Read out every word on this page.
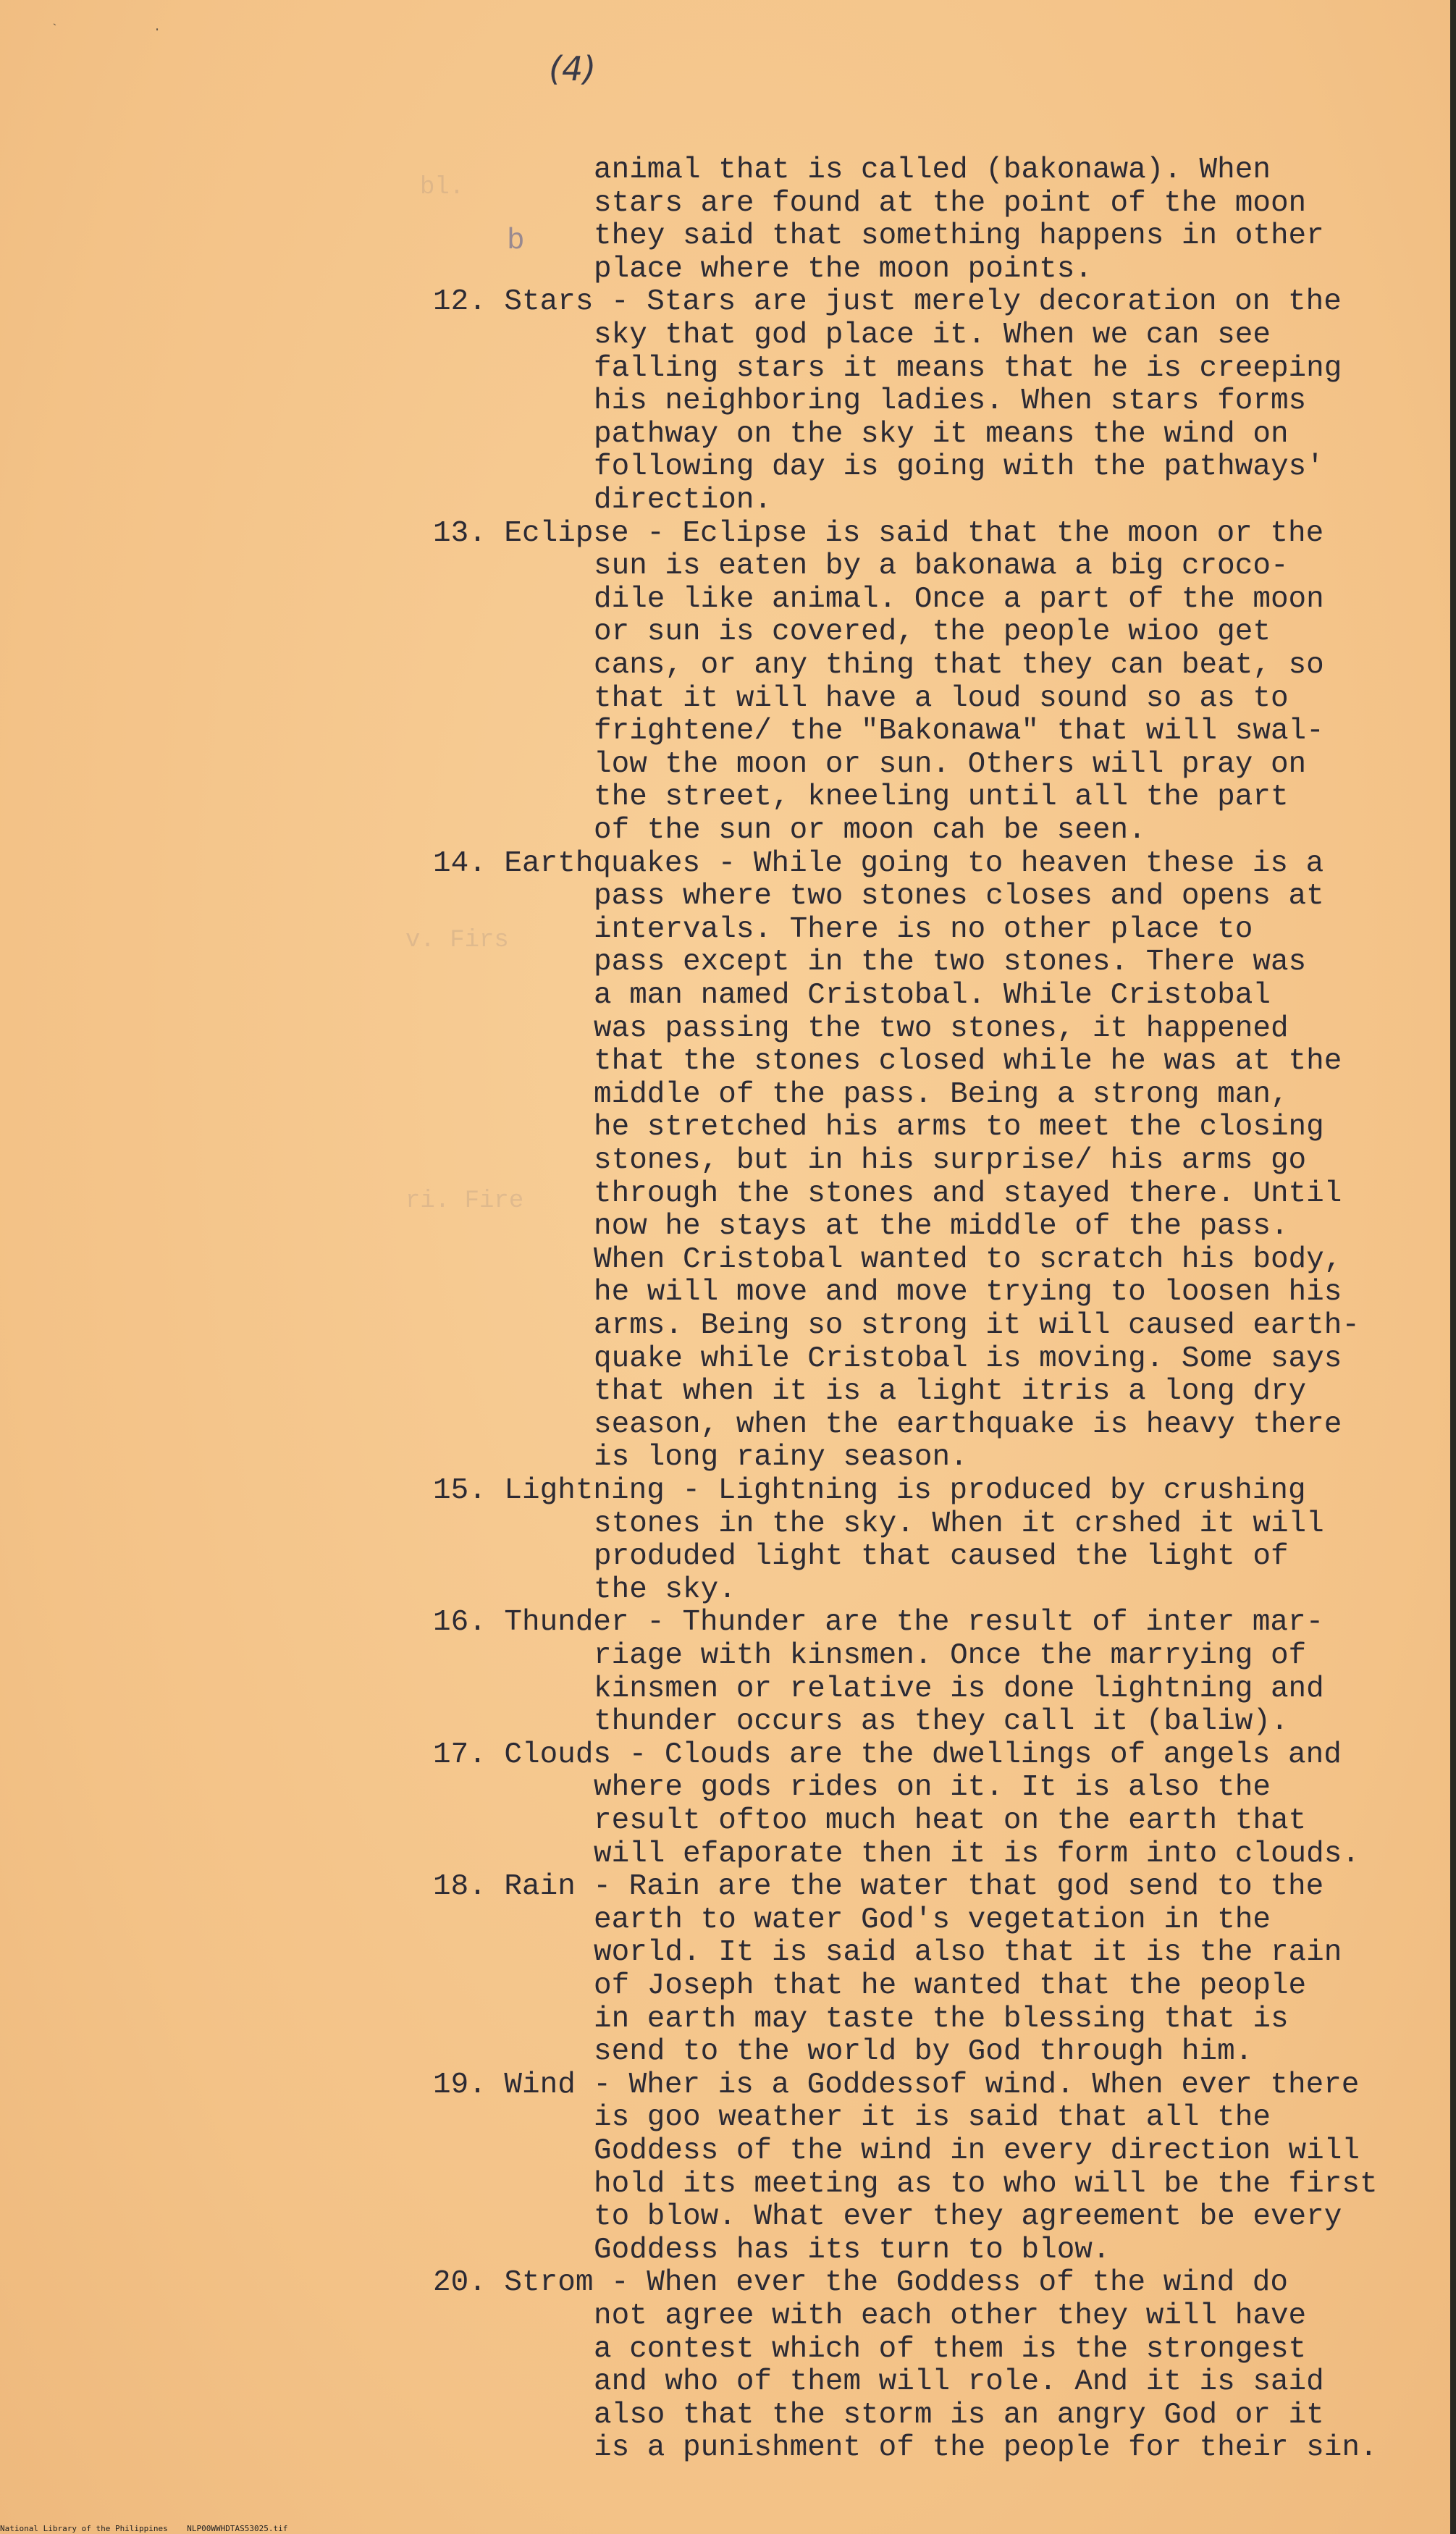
` ·
(4)
bl.
v. Firs
ri. Fire
b
animal that is called (bakonawa). When
stars are found at the point of the moon
they said that something happens in other
place where the moon points.
12. Stars - Stars are just merely decoration on the
sky that god place it. When we can see
falling stars it means that he is creeping
his neighboring ladies. When stars forms
pathway on the sky it means the wind on
following day is going with the pathways'
direction.
13. Eclipse - Eclipse is said that the moon or the
sun is eaten by a bakonawa a big croco-
dile like animal. Once a part of the moon
or sun is covered, the people wioo get
cans, or any thing that they can beat, so
that it will have a loud sound so as to
frightene/ the "Bakonawa" that will swal-
low the moon or sun. Others will pray on
the street, kneeling until all the part
of the sun or moon cah be seen.
14. Earthquakes - While going to heaven these is a
pass where two stones closes and opens at
intervals. There is no other place to
pass except in the two stones. There was
a man named Cristobal. While Cristobal
was passing the two stones, it happened
that the stones closed while he was at the
middle of the pass. Being a strong man,
he stretched his arms to meet the closing
stones, but in his surprise/ his arms go
through the stones and stayed there. Until
now he stays at the middle of the pass.
When Cristobal wanted to scratch his body,
he will move and move trying to loosen his
arms. Being so strong it will caused earth-
quake while Cristobal is moving. Some says
that when it is a light itris a long dry
season, when the earthquake is heavy there
is long rainy season.
15. Lightning - Lightning is produced by crushing
stones in the sky. When it crshed it will
produded light that caused the light of
the sky.
16. Thunder - Thunder are the result of inter mar-
riage with kinsmen. Once the marrying of
kinsmen or relative is done lightning and
thunder occurs as they call it (baliw).
17. Clouds - Clouds are the dwellings of angels and
where gods rides on it. It is also the
result oftoo much heat on the earth that
will efaporate then it is form into clouds.
18. Rain - Rain are the water that god send to the
earth to water God's vegetation in the
world. It is said also that it is the rain
of Joseph that he wanted that the people
in earth may taste the blessing that is
send to the world by God through him.
19. Wind - Wher is a Goddessof wind. When ever there
is goo weather it is said that all the
Goddess of the wind in every direction will
hold its meeting as to who will be the first
to blow. What ever they agreement be every
Goddess has its turn to blow.
20. Strom - When ever the Goddess of the wind do
not agree with each other they will have
a contest which of them is the strongest
and who of them will role. And it is said
also that the storm is an angry God or it
is a punishment of the people for their sin.
National Library of the Philippines    NLP00WWHDTAS53025.tif
